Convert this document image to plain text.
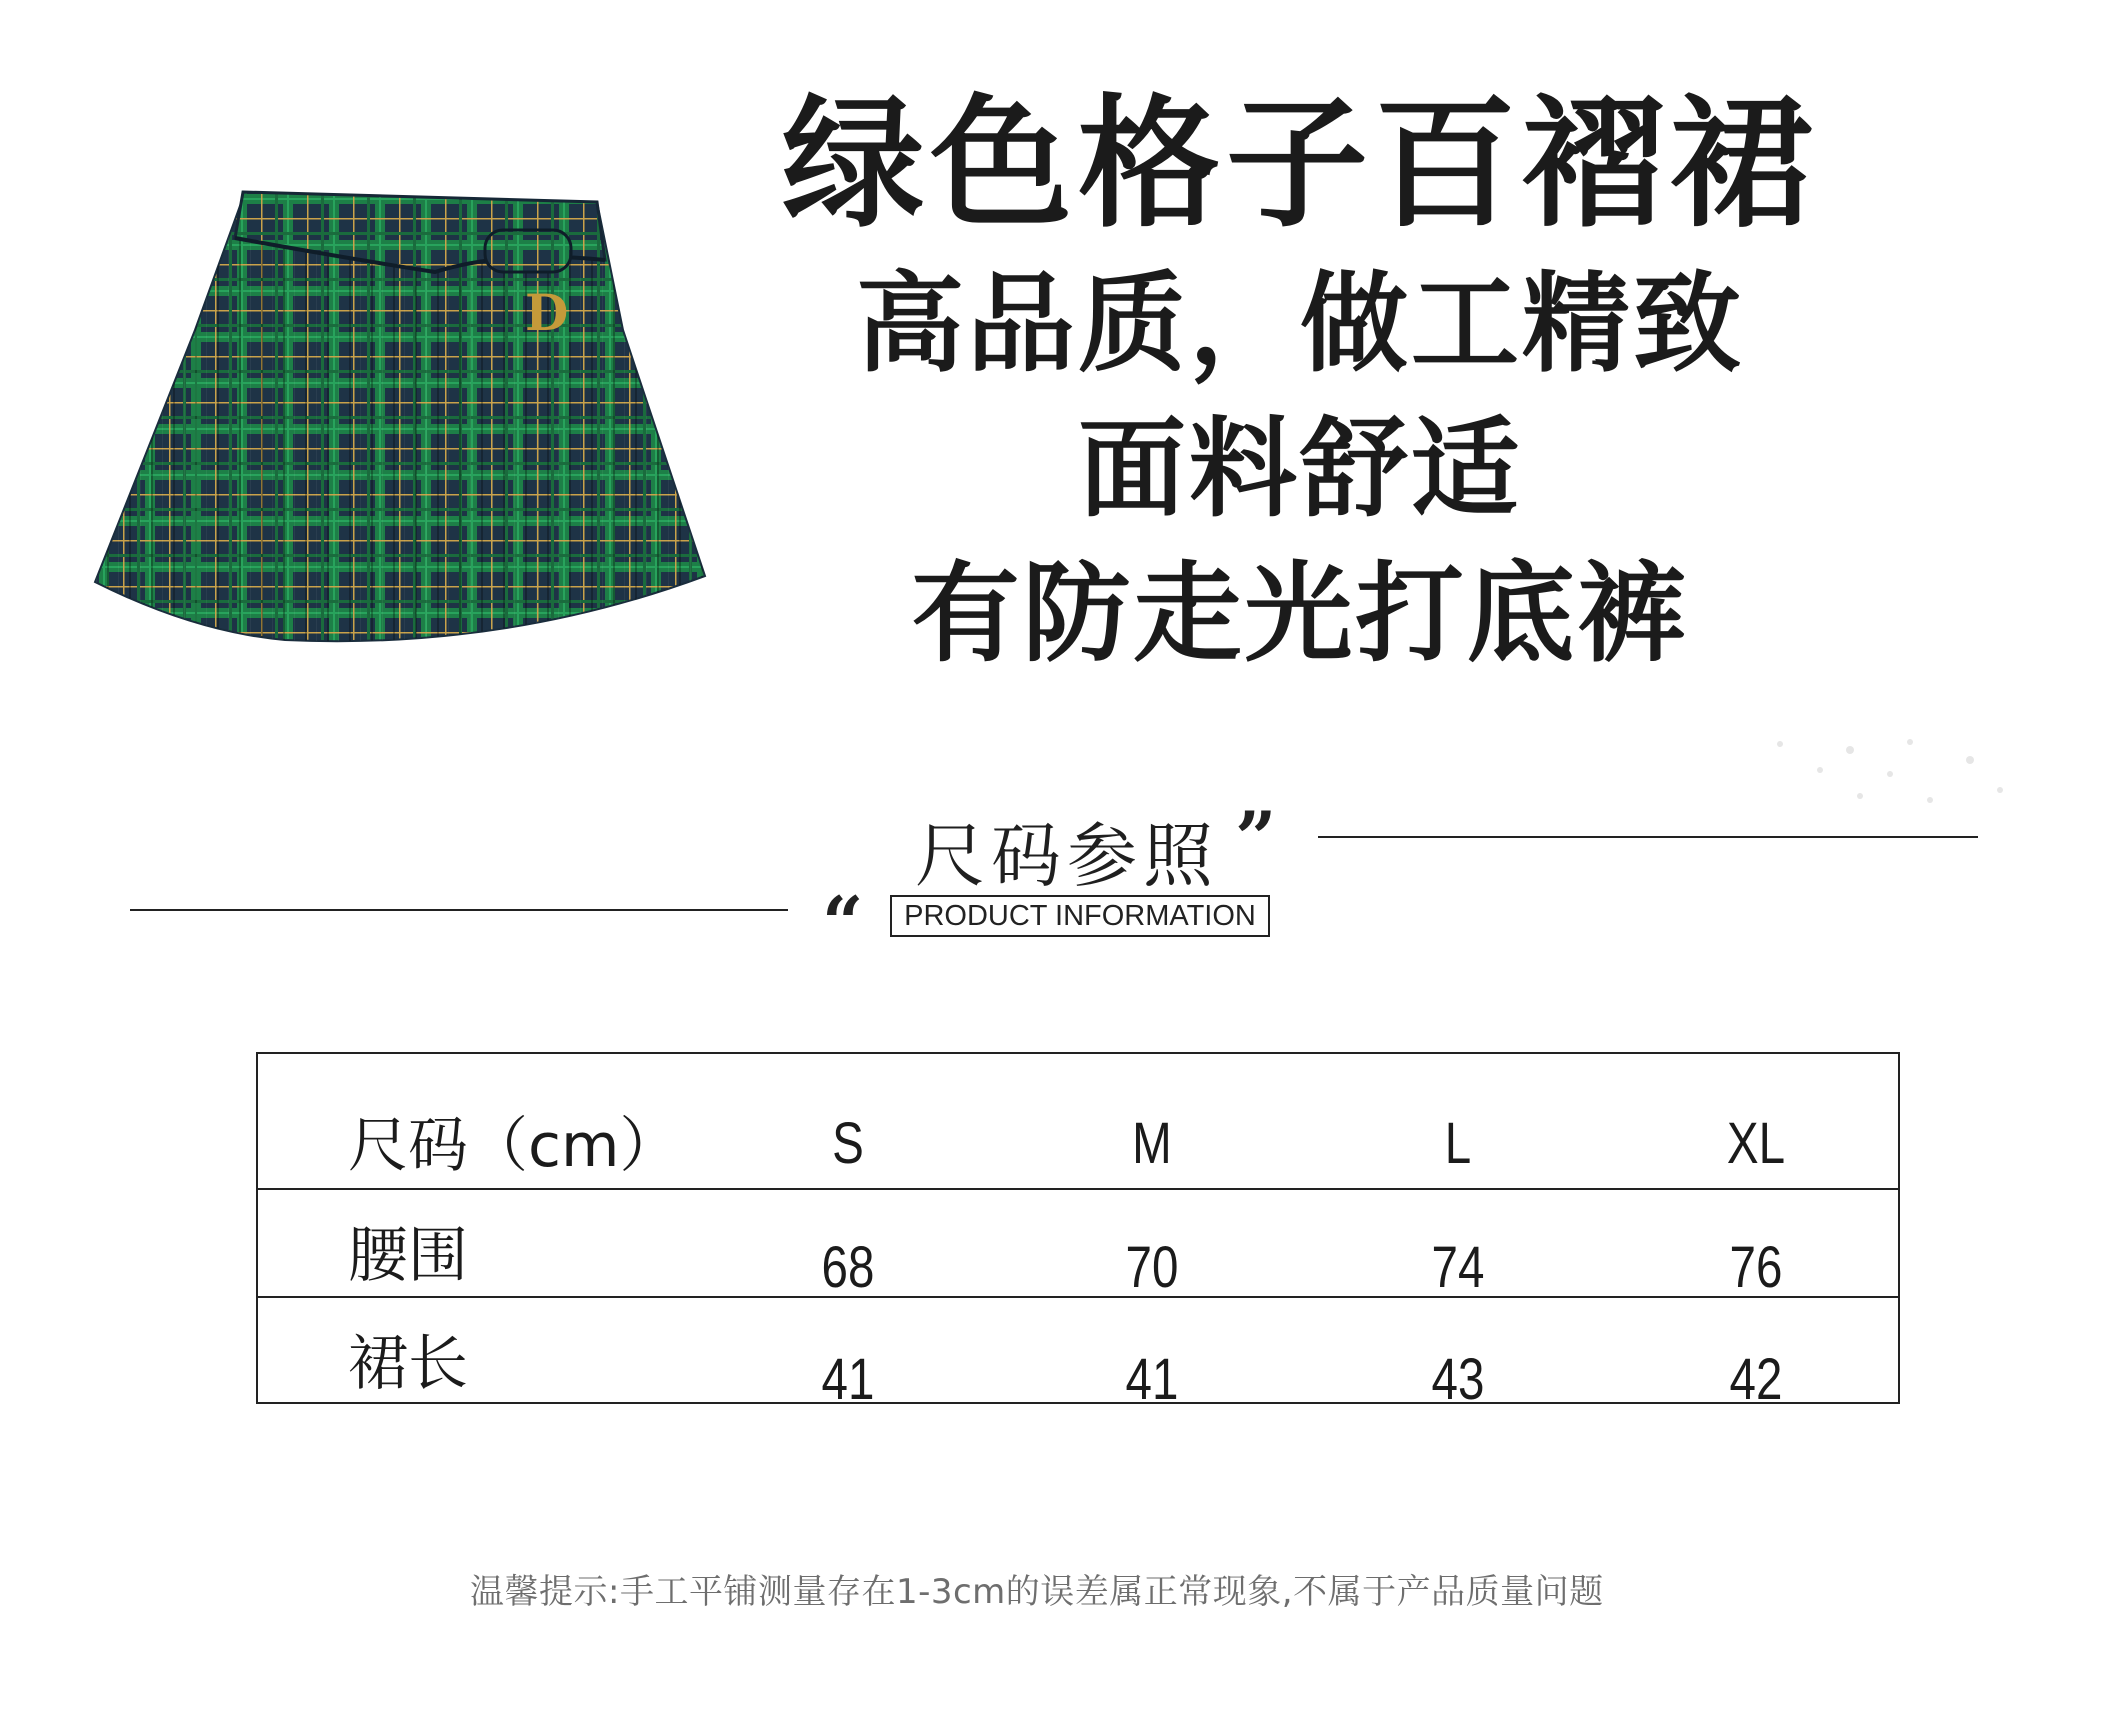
D
绿色格子百褶裙
高品质，做工精致
面料舒适
有防走光打底裤
尺码参照 ”
“	PRODUCT INFORMATION
尺码（cm）	S	M	L	XL
腰围	68	70	74	76
裙长	41	41	43	42
温馨提示:手工平铺测量存在1-3cm的误差属正常现象,不属于产品质量问题
